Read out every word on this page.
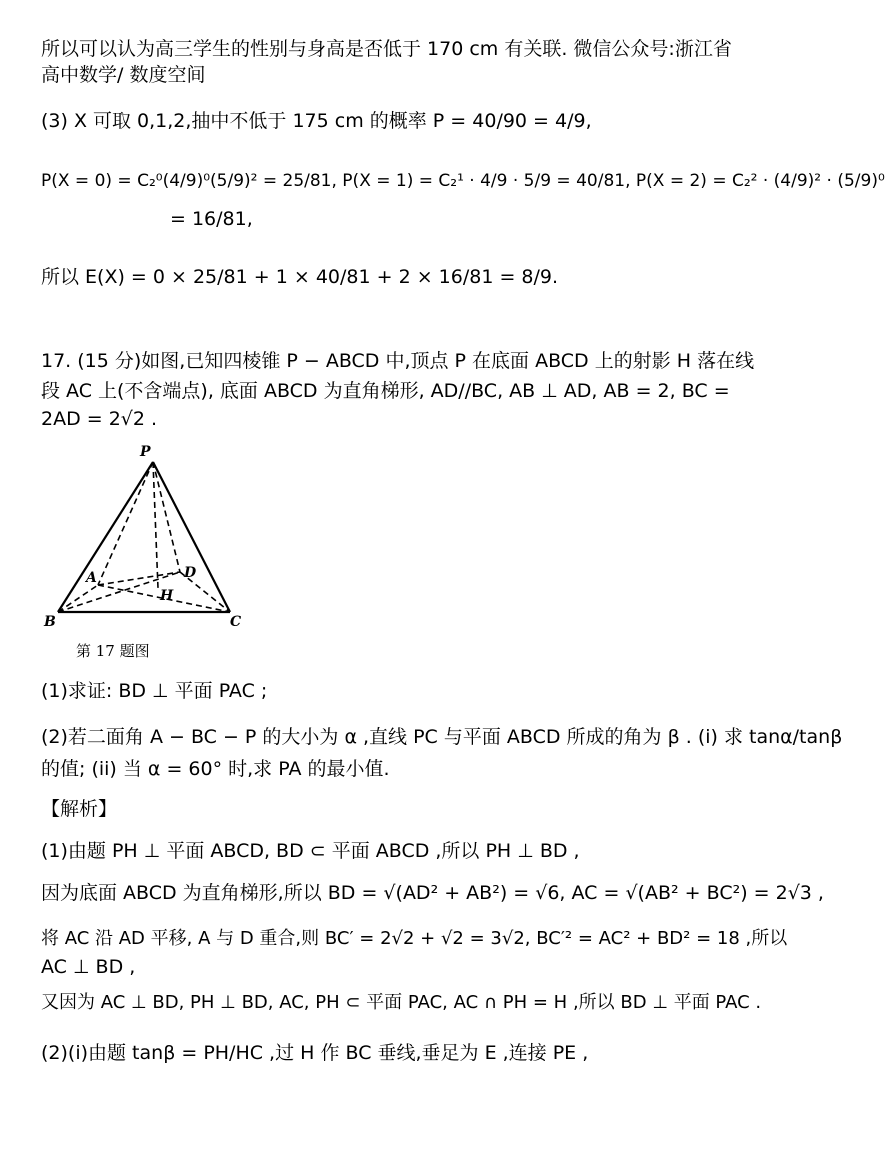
所以可以认为高三学生的性别与身高是否低于 170 cm 有关联. 微信公众号:浙江省
高中数学/ 数度空间
(3) X 可取 0,1,2,抽中不低于 175 cm 的概率 P = 40/90 = 4/9,
P(X = 0) = C₂⁰(4/9)⁰(5/9)² = 25/81, P(X = 1) = C₂¹ · 4/9 · 5/9 = 40/81, P(X = 2) = C₂² · (4/9)² · (5/9)⁰
= 16/81,
所以 E(X) = 0 × 25/81 + 1 × 40/81 + 2 × 16/81 = 8/9.
17. (15 分)如图,已知四棱锥 P − ABCD 中,顶点 P 在底面 ABCD 上的射影 H 落在线
段 AC 上(不含端点), 底面 ABCD 为直角梯形, AD//BC, AB ⊥ AD, AB = 2, BC =
2AD = 2√2 .
P
A	D
H
B	C
第 17 题图
(1)求证: BD ⊥ 平面 PAC ;
(2)若二面角 A − BC − P 的大小为 α ,直线 PC 与平面 ABCD 所成的角为 β . (i) 求 tanα/tanβ
的值; (ii) 当 α = 60° 时,求 PA 的最小值.
【解析】
(1)由题 PH ⊥ 平面 ABCD, BD ⊂ 平面 ABCD ,所以 PH ⊥ BD ,
因为底面 ABCD 为直角梯形,所以 BD = √(AD² + AB²) = √6, AC = √(AB² + BC²) = 2√3 ,
将 AC 沿 AD 平移, A 与 D 重合,则 BC′ = 2√2 + √2 = 3√2, BC′² = AC² + BD² = 18 ,所以
AC ⊥ BD ,
又因为 AC ⊥ BD, PH ⊥ BD, AC, PH ⊂ 平面 PAC, AC ∩ PH = H ,所以 BD ⊥ 平面 PAC .
(2)(i)由题 tanβ = PH/HC ,过 H 作 BC 垂线,垂足为 E ,连接 PE ,
